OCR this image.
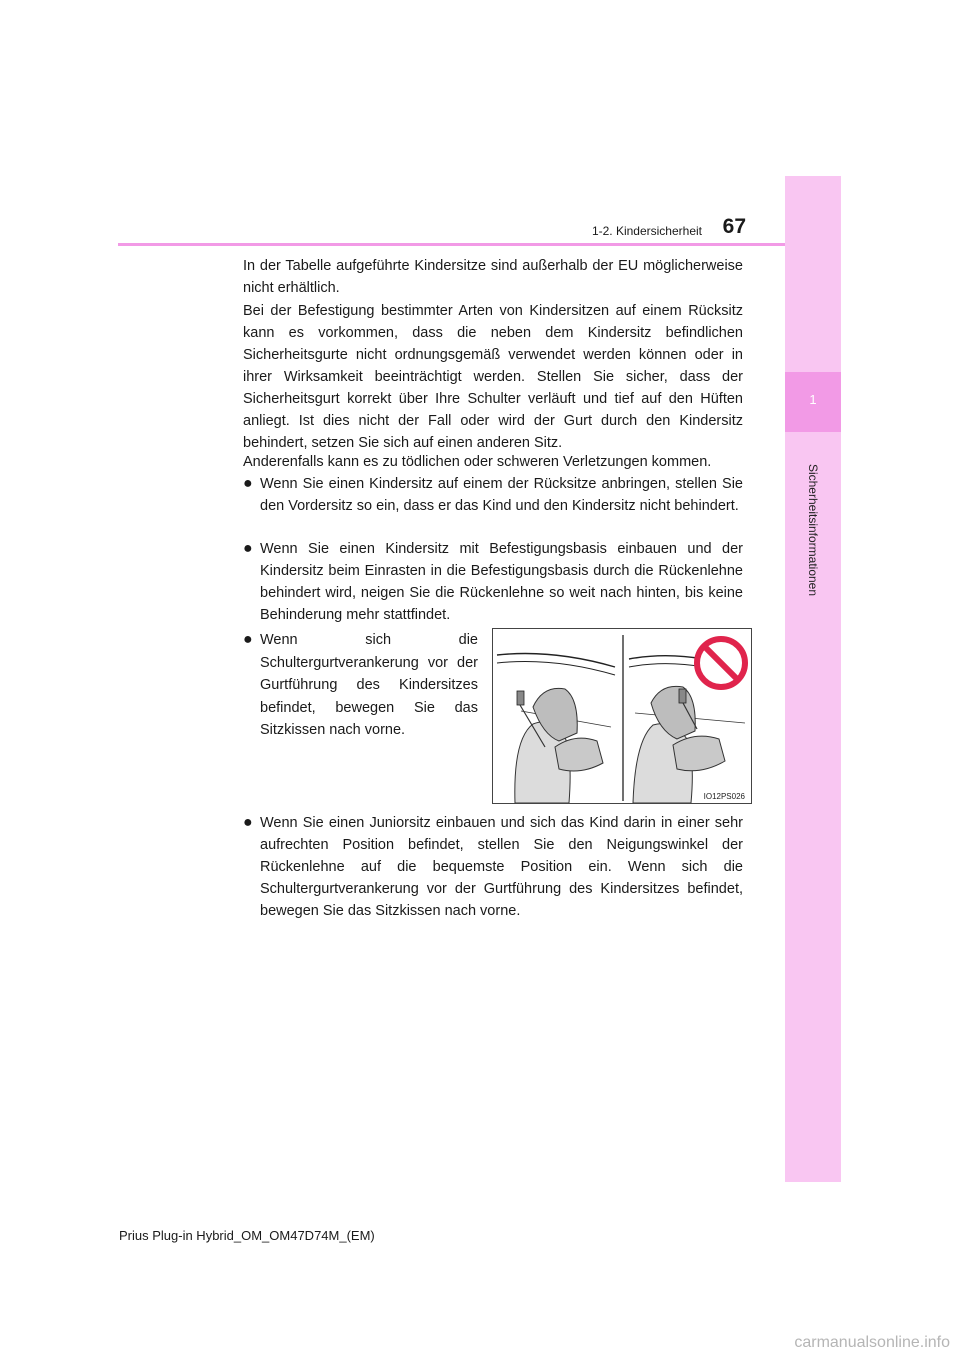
1
Sicherheitsinformationen
1-2. Kindersicherheit 67
In der Tabelle aufgeführte Kindersitze sind außerhalb der EU möglicherweise nicht erhältlich.
Bei der Befestigung bestimmter Arten von Kindersitzen auf einem Rücksitz kann es vorkommen, dass die neben dem Kindersitz befindlichen Sicherheitsgurte nicht ordnungsgemäß verwendet werden können oder in ihrer Wirksamkeit beeinträchtigt werden. Stellen Sie sicher, dass der Sicherheitsgurt korrekt über Ihre Schulter verläuft und tief auf den Hüften anliegt. Ist dies nicht der Fall oder wird der Gurt durch den Kindersitz behindert, setzen Sie sich auf einen anderen Sitz.
Anderenfalls kann es zu tödlichen oder schweren Verletzungen kommen.
● Wenn Sie einen Kindersitz auf einem der Rücksitze anbringen, stellen Sie den Vordersitz so ein, dass er das Kind und den Kindersitz nicht behindert.
● Wenn Sie einen Kindersitz mit Befestigungsbasis einbauen und der Kindersitz beim Einrasten in die Befestigungsbasis durch die Rückenlehne behindert wird, neigen Sie die Rückenlehne so weit nach hinten, bis keine Behinderung mehr stattfindet.
● Wenn sich die Schultergurtverankerung vor der Gurtführung des Kindersitzes befindet, bewegen Sie das Sitzkissen nach vorne.
IO12PS026
● Wenn Sie einen Juniorsitz einbauen und sich das Kind darin in einer sehr aufrechten Position befindet, stellen Sie den Neigungswinkel der Rückenlehne auf die bequemste Position ein. Wenn sich die Schultergurtverankerung vor der Gurtführung des Kindersitzes befindet, bewegen Sie das Sitzkissen nach vorne.
Prius Plug-in Hybrid_OM_OM47D74M_(EM)
carmanualsonline.info
